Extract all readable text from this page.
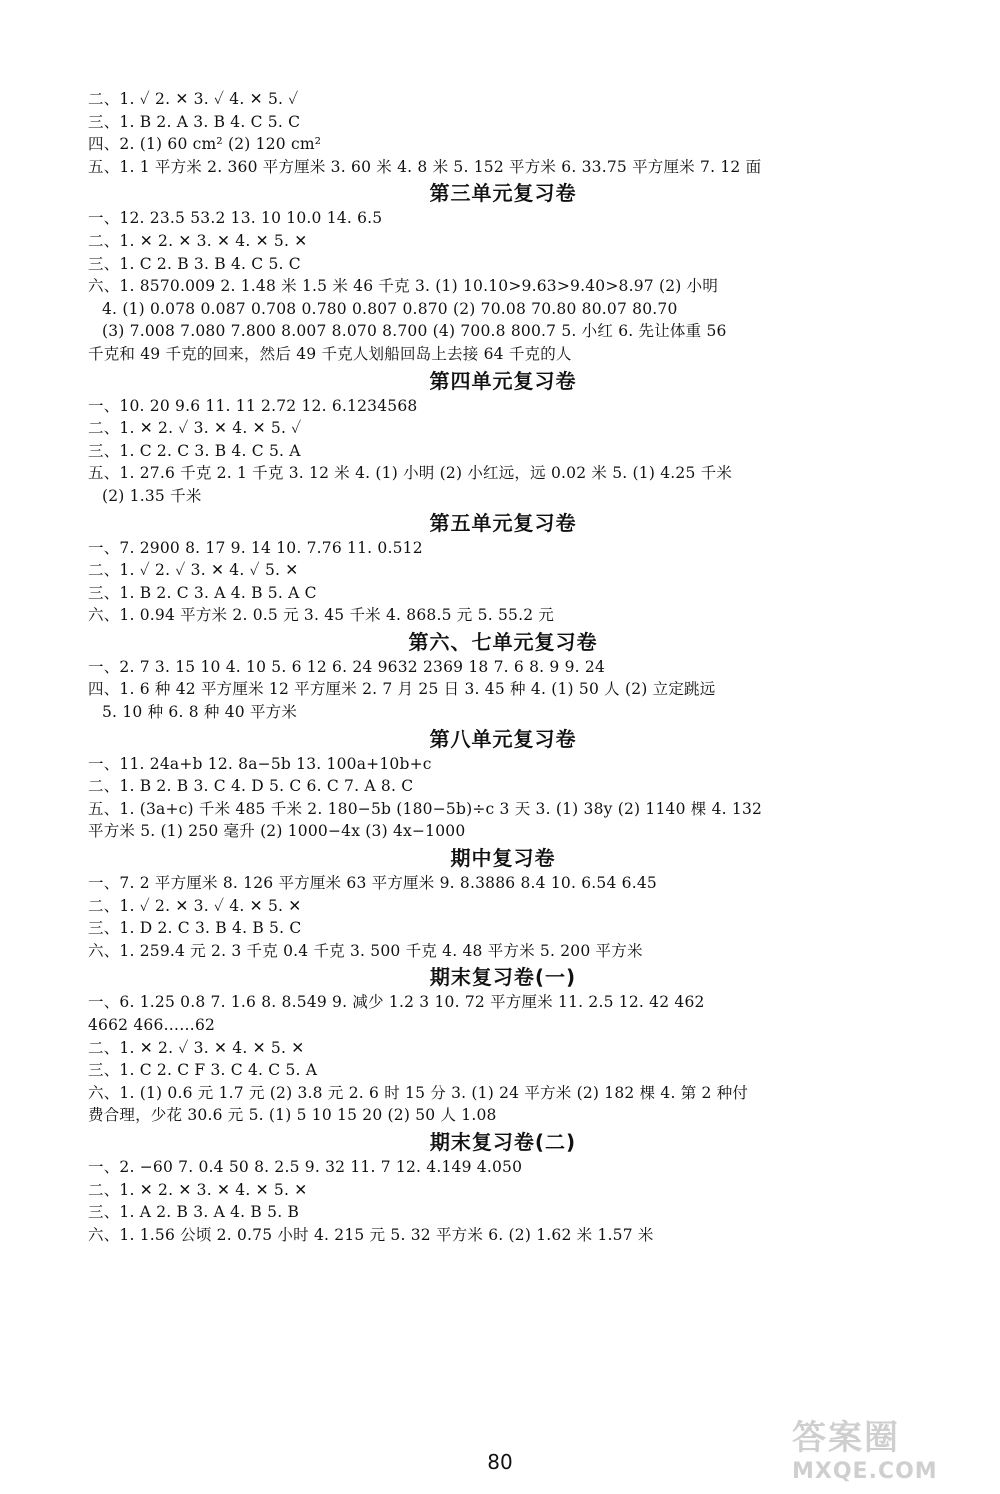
二、1. ✓ 2. ✕ 3. ✓ 4. ✕ 5. ✓
三、1. B 2. A 3. B 4. C 5. C
四、2. (1) 60 cm² (2) 120 cm²
五、1. 1 平方米 2. 360 平方厘米 3. 60 米 4. 8 米 5. 152 平方米 6. 33.75 平方厘米 7. 12 面
第三单元复习卷
一、12. 23.5 53.2 13. 10 10.0 14. 6.5
二、1. ✕ 2. ✕ 3. ✕ 4. ✕ 5. ✕
三、1. C 2. B 3. B 4. C 5. C
六、1. 8570.009 2. 1.48 米 1.5 米 46 千克 3. (1) 10.10>9.63>9.40>8.97 (2) 小明
4. (1) 0.078 0.087 0.708 0.780 0.807 0.870 (2) 70.08 70.80 80.07 80.70
(3) 7.008 7.080 7.800 8.007 8.070 8.700 (4) 700.8 800.7 5. 小红 6. 先让体重 56
千克和 49 千克的回来，然后 49 千克人划船回岛上去接 64 千克的人
第四单元复习卷
一、10. 20 9.6 11. 11 2.72 12. 6.1234568
二、1. ✕ 2. ✓ 3. ✕ 4. ✕ 5. ✓
三、1. C 2. C 3. B 4. C 5. A
五、1. 27.6 千克 2. 1 千克 3. 12 米 4. (1) 小明 (2) 小红远，远 0.02 米 5. (1) 4.25 千米
(2) 1.35 千米
第五单元复习卷
一、7. 2900 8. 17 9. 14 10. 7.76 11. 0.512
二、1. ✓ 2. ✓ 3. ✕ 4. ✓ 5. ✕
三、1. B 2. C 3. A 4. B 5. A C
六、1. 0.94 平方米 2. 0.5 元 3. 45 千米 4. 868.5 元 5. 55.2 元
第六、七单元复习卷
一、2. 7 3. 15 10 4. 10 5. 6 12 6. 24 9632 2369 18 7. 6 8. 9 9. 24
四、1. 6 种 42 平方厘米 12 平方厘米 2. 7 月 25 日 3. 45 种 4. (1) 50 人 (2) 立定跳远
5. 10 种 6. 8 种 40 平方米
第八单元复习卷
一、11. 24a+b 12. 8a−5b 13. 100a+10b+c
二、1. B 2. B 3. C 4. D 5. C 6. C 7. A 8. C
五、1. (3a+c) 千米 485 千米 2. 180−5b (180−5b)÷c 3 天 3. (1) 38y (2) 1140 棵 4. 132
平方米 5. (1) 250 毫升 (2) 1000−4x (3) 4x−1000
期中复习卷
一、7. 2 平方厘米 8. 126 平方厘米 63 平方厘米 9. 8.3886 8.4 10. 6.54 6.45
二、1. ✓ 2. ✕ 3. ✓ 4. ✕ 5. ✕
三、1. D 2. C 3. B 4. B 5. C
六、1. 259.4 元 2. 3 千克 0.4 千克 3. 500 千克 4. 48 平方米 5. 200 平方米
期末复习卷(一)
一、6. 1.25 0.8 7. 1.6 8. 8.549 9. 减少 1.2 3 10. 72 平方厘米 11. 2.5 12. 42 462
4662 466……62
二、1. ✕ 2. ✓ 3. ✕ 4. ✕ 5. ✕
三、1. C 2. C F 3. C 4. C 5. A
六、1. (1) 0.6 元 1.7 元 (2) 3.8 元 2. 6 时 15 分 3. (1) 24 平方米 (2) 182 棵 4. 第 2 种付
费合理，少花 30.6 元 5. (1) 5 10 15 20 (2) 50 人 1.08
期末复习卷(二)
一、2. −60 7. 0.4 50 8. 2.5 9. 32 11. 7 12. 4.149 4.050
二、1. ✕ 2. ✕ 3. ✕ 4. ✕ 5. ✕
三、1. A 2. B 3. A 4. B 5. B
六、1. 1.56 公顷 2. 0.75 小时 4. 215 元 5. 32 平方米 6. (2) 1.62 米 1.57 米
80
答案圈
MXQE.COM
